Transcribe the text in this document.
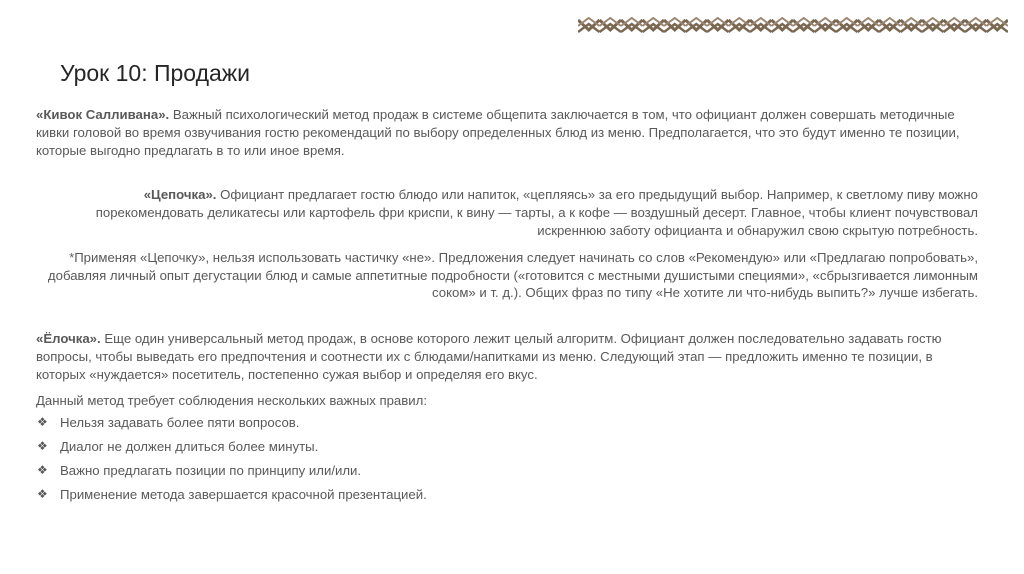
Урок 10: Продажи

«Кивок Салливана». Важный психологический метод продаж в системе общепита заключается в том, что официант должен совершать методичные кивки головой во время озвучивания гостю рекомендаций по выбору определенных блюд из меню. Предполагается, что это будут именно те позиции, которые выгодно предлагать в то или иное время.

«Цепочка». Официант предлагает гостю блюдо или напиток, «цепляясь» за его предыдущий выбор. Например, к светлому пиву можно порекомендовать деликатесы или картофель фри криспи, к вину — тарты, а к кофе — воздушный десерт. Главное, чтобы клиент почувствовал искреннюю заботу официанта и обнаружил свою скрытую потребность.

*Применяя «Цепочку», нельзя использовать частичку «не». Предложения следует начинать со слов «Рекомендую» или «Предлагаю попробовать», добавляя личный опыт дегустации блюд и самые аппетитные подробности («готовится с местными душистыми специями», «сбрызгивается лимонным соком» и т. д.). Общих фраз по типу «Не хотите ли что-нибудь выпить?» лучше избегать.

«Ёлочка». Еще один универсальный метод продаж, в основе которого лежит целый алгоритм. Официант должен последовательно задавать гостю вопросы, чтобы выведать его предпочтения и соотнести их с блюдами/напитками из меню. Следующий этап — предложить именно те позиции, в которых «нуждается» посетитель, постепенно сужая выбор и определяя его вкус.

Данный метод требует соблюдения нескольких важных правил:

❖ Нельзя задавать более пяти вопросов.
❖ Диалог не должен длиться более минуты.
❖ Важно предлагать позиции по принципу или/или.
❖ Применение метода завершается красочной презентацией.
